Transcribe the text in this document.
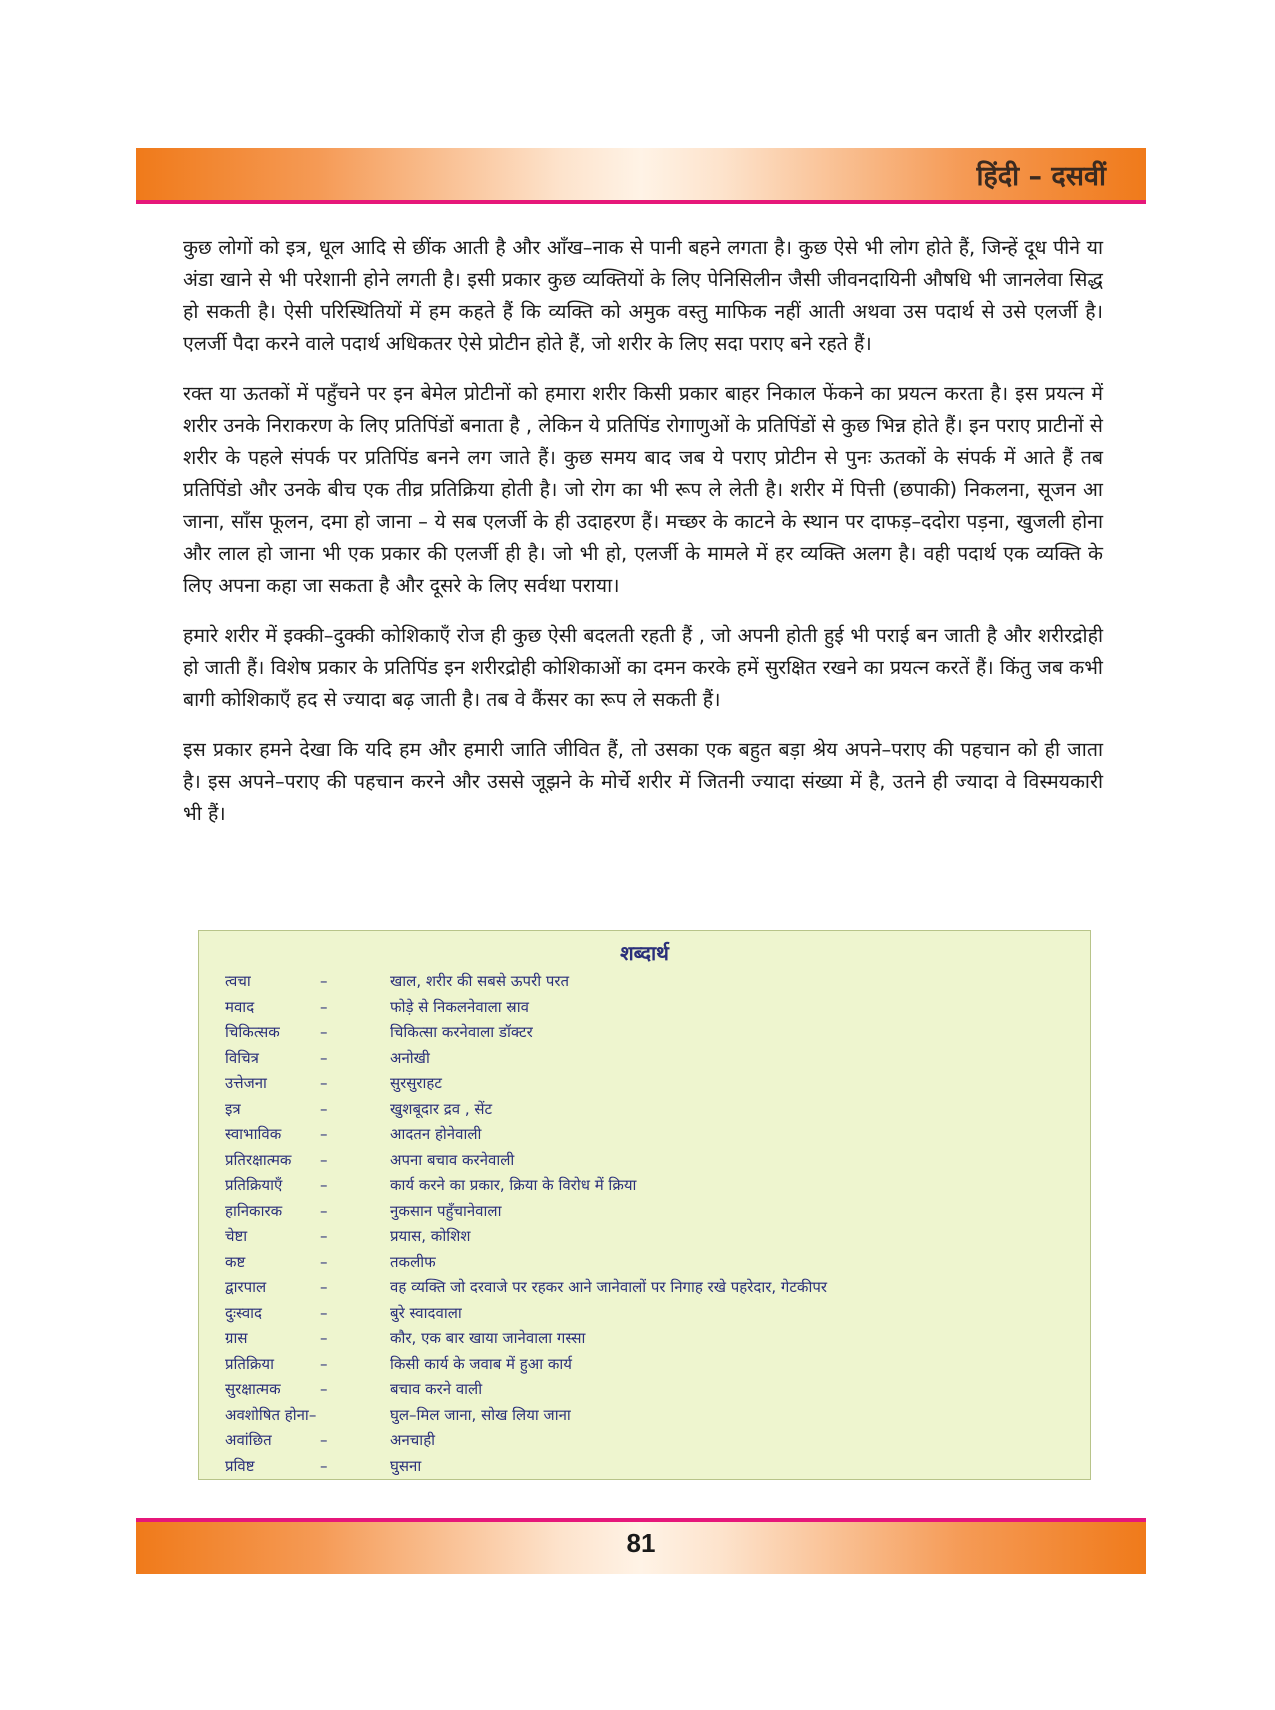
हिंदी – दसवीं

कुछ लोगों को इत्र, धूल आदि से छींक आती है और आँख–नाक से पानी बहने लगता है। कुछ ऐसे भी लोग होते हैं, जिन्हें दूध पीने या अंडा खाने से भी परेशानी होने लगती है। इसी प्रकार कुछ व्यक्तियों के लिए पेनिसिलीन जैसी जीवनदायिनी औषधि भी जानलेवा सिद्ध हो सकती है। ऐसी परिस्थितियों में हम कहते हैं कि व्यक्ति को अमुक वस्तु माफिक नहीं आती अथवा उस पदार्थ से उसे एलर्जी है। एलर्जी पैदा करने वाले पदार्थ अधिकतर ऐसे प्रोटीन होते हैं, जो शरीर के लिए सदा पराए बने रहते हैं।

रक्त या ऊतकों में पहुँचने पर इन बेमेल प्रोटीनों को हमारा शरीर किसी प्रकार बाहर निकाल फेंकने का प्रयत्न करता है। इस प्रयत्न में शरीर उनके निराकरण के लिए प्रतिपिंडों बनाता है , लेकिन ये प्रतिपिंड रोगाणुओं के प्रतिपिंडों से कुछ भिन्न होते हैं। इन पराए प्राटीनों से शरीर के पहले संपर्क पर प्रतिपिंड बनने लग जाते हैं। कुछ समय बाद जब ये पराए प्रोटीन से पुनः ऊतकों के संपर्क में आते हैं तब प्रतिपिंडो और उनके बीच एक तीव्र प्रतिक्रिया होती है। जो रोग का भी रूप ले लेती है। शरीर में पित्ती (छपाकी) निकलना, सूजन आ जाना, साँस फूलन, दमा हो जाना – ये सब एलर्जी के ही उदाहरण हैं। मच्छर के काटने के स्थान पर दाफड़–ददोरा पड़ना, खुजली होना और लाल हो जाना भी एक प्रकार की एलर्जी ही है। जो भी हो, एलर्जी के मामले में हर व्यक्ति अलग है। वही पदार्थ एक व्यक्ति के लिए अपना कहा जा सकता है और दूसरे के लिए सर्वथा पराया।

हमारे शरीर में इक्की–दुक्की कोशिकाएँ रोज ही कुछ ऐसी बदलती रहती हैं , जो अपनी होती हुई भी पराई बन जाती है और शरीरद्रोही हो जाती हैं। विशेष प्रकार के प्रतिपिंड इन शरीरद्रोही कोशिकाओं का दमन करके हमें सुरक्षित रखने का प्रयत्न करतें हैं। किंतु जब कभी बागी कोशिकाएँ हद से ज्यादा बढ़ जाती है। तब वे कैंसर का रूप ले सकती हैं।

इस प्रकार हमने देखा कि यदि हम और हमारी जाति जीवित हैं, तो उसका एक बहुत बड़ा श्रेय अपने–पराए की पहचान को ही जाता है। इस अपने–पराए की पहचान करने और उससे जूझने के मोर्चे शरीर में जितनी ज्यादा संख्या में है, उतने ही ज्यादा वे विस्मयकारी भी हैं।

शब्दार्थ
त्वचा	–	खाल, शरीर की सबसे ऊपरी परत
मवाद	–	फोड़े से निकलनेवाला स्राव
चिकित्सक	–	चिकित्सा करनेवाला डॉक्टर
विचित्र	–	अनोखी
उत्तेजना	–	सुरसुराहट
इत्र	–	खुशबूदार द्रव , सेंट
स्वाभाविक	–	आदतन होनेवाली
प्रतिरक्षात्मक –	अपना बचाव करनेवाली
प्रतिक्रियाएँ	–	कार्य करने का प्रकार, क्रिया के विरोध में क्रिया
हानिकारक	–	नुकसान पहुँचानेवाला
चेष्टा	–	प्रयास, कोशिश
कष्ट	–	तकलीफ
द्वारपाल	–	वह व्यक्ति जो दरवाजे पर रहकर आने जानेवालों पर निगाह रखे पहरेदार, गेटकीपर
दुःस्वाद	–	बुरे स्वादवाला
ग्रास	–	कौर, एक बार खाया जानेवाला गस्सा
प्रतिक्रिया	–	किसी कार्य के जवाब में हुआ कार्य
सुरक्षात्मक	–	बचाव करने वाली
अवशोषित होना–	घुल–मिल जाना, सोख लिया जाना
अवांछित	–	अनचाही
प्रविष्ट	–	घुसना
81
